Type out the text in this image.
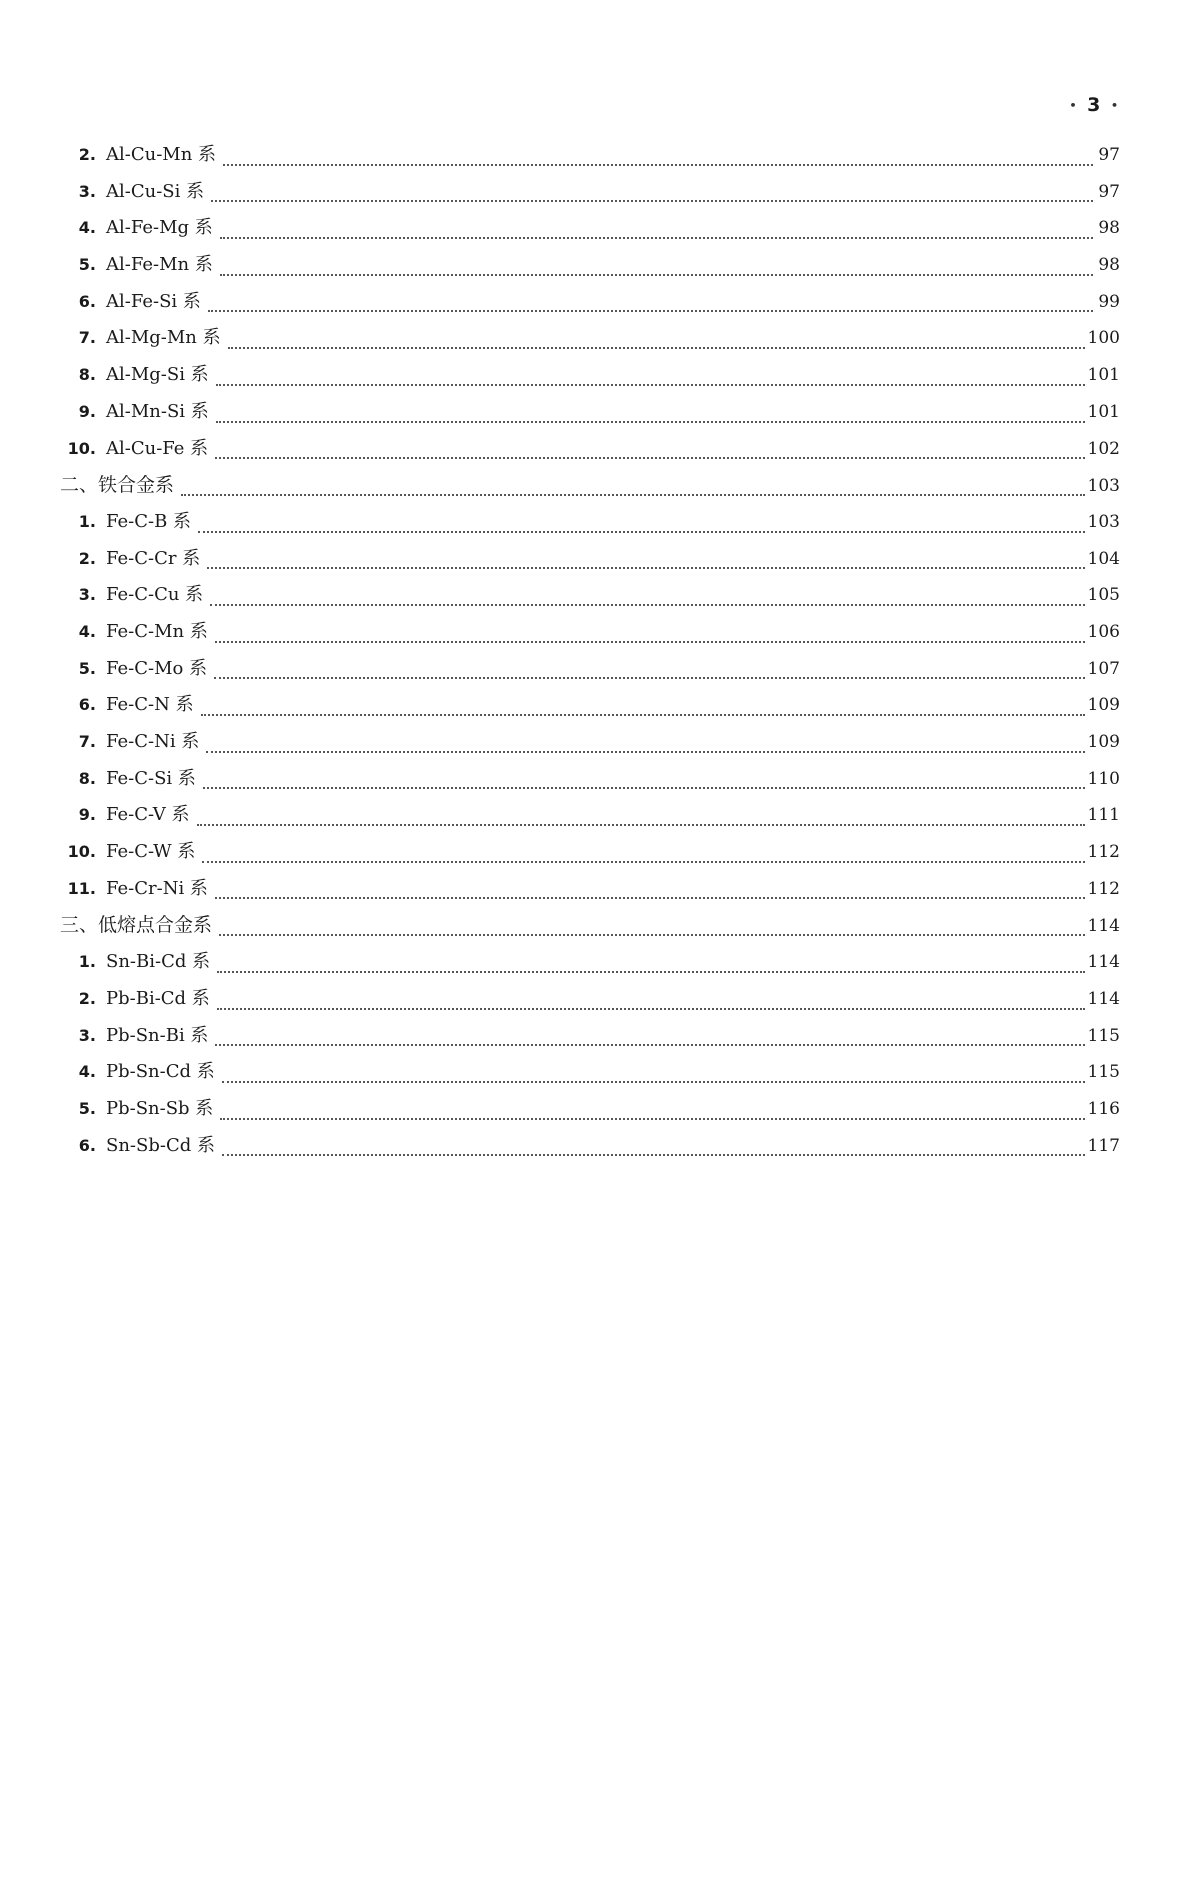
• 3 •
2. Al-Cu-Mn 系	97
3. Al-Cu-Si 系	97
4. Al-Fe-Mg 系	98
5. Al-Fe-Mn 系	98
6. Al-Fe-Si 系	99
7. Al-Mg-Mn 系	100
8. Al-Mg-Si 系	101
9. Al-Mn-Si 系	101
10. Al-Cu-Fe 系	102
二、铁合金系	103
1. Fe-C-B 系	103
2. Fe-C-Cr 系	104
3. Fe-C-Cu 系	105
4. Fe-C-Mn 系	106
5. Fe-C-Mo 系	107
6. Fe-C-N 系	109
7. Fe-C-Ni 系	109
8. Fe-C-Si 系	110
9. Fe-C-V 系	111
10. Fe-C-W 系	112
11. Fe-Cr-Ni 系	112
三、低熔点合金系	114
1. Sn-Bi-Cd 系	114
2. Pb-Bi-Cd 系	114
3. Pb-Sn-Bi 系	115
4. Pb-Sn-Cd 系	115
5. Pb-Sn-Sb 系	116
6. Sn-Sb-Cd 系	117
